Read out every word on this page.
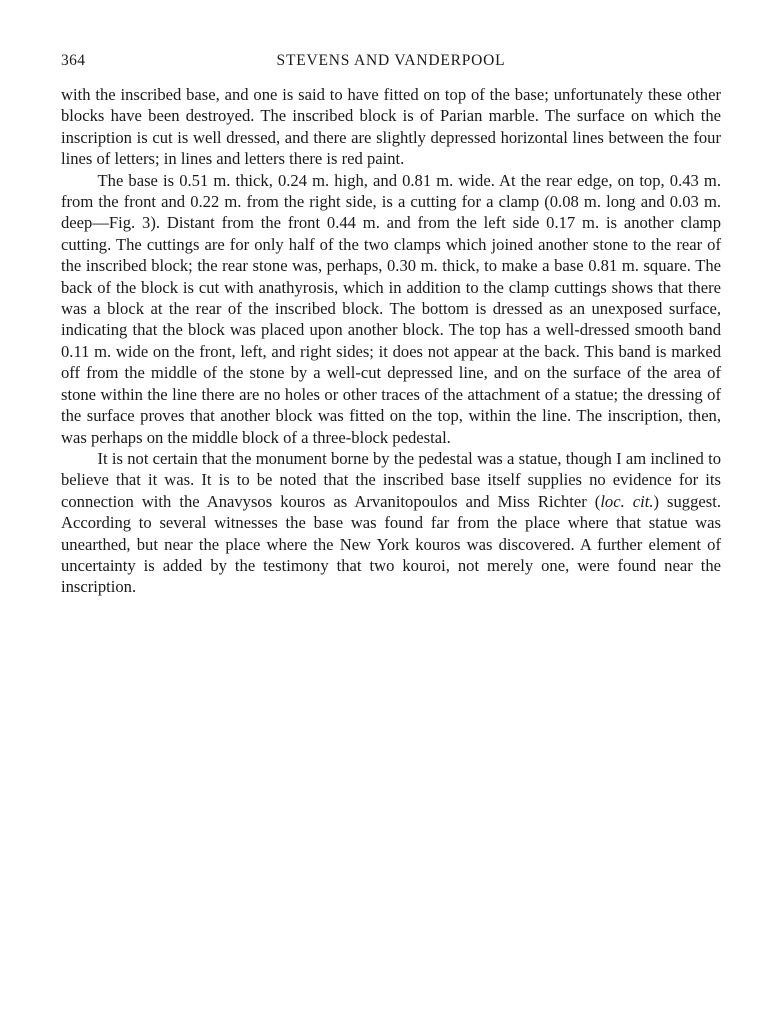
364	STEVENS AND VANDERPOOL

with the inscribed base, and one is said to have fitted on top of the base; unfortunately these other blocks have been destroyed. The inscribed block is of Parian marble. The surface on which the inscription is cut is well dressed, and there are slightly depressed horizontal lines between the four lines of letters; in lines and letters there is red paint.

The base is 0.51 m. thick, 0.24 m. high, and 0.81 m. wide. At the rear edge, on top, 0.43 m. from the front and 0.22 m. from the right side, is a cutting for a clamp (0.08 m. long and 0.03 m. deep—Fig. 3). Distant from the front 0.44 m. and from the left side 0.17 m. is another clamp cutting. The cuttings are for only half of the two clamps which joined another stone to the rear of the inscribed block; the rear stone was, perhaps, 0.30 m. thick, to make a base 0.81 m. square. The back of the block is cut with anathyrosis, which in addition to the clamp cuttings shows that there was a block at the rear of the inscribed block. The bottom is dressed as an unexposed surface, indicating that the block was placed upon another block. The top has a well-dressed smooth band 0.11 m. wide on the front, left, and right sides; it does not appear at the back. This band is marked off from the middle of the stone by a well-cut depressed line, and on the surface of the area of stone within the line there are no holes or other traces of the attachment of a statue; the dressing of the surface proves that another block was fitted on the top, within the line. The inscription, then, was perhaps on the middle block of a three-block pedestal.

It is not certain that the monument borne by the pedestal was a statue, though I am inclined to believe that it was. It is to be noted that the inscribed base itself supplies no evidence for its connection with the Anavysos kouros as Arvanitopoulos and Miss Richter (loc. cit.) suggest. According to several witnesses the base was found far from the place where that statue was unearthed, but near the place where the New York kouros was discovered. A further element of uncertainty is added by the testimony that two kouroi, not merely one, were found near the inscription.
